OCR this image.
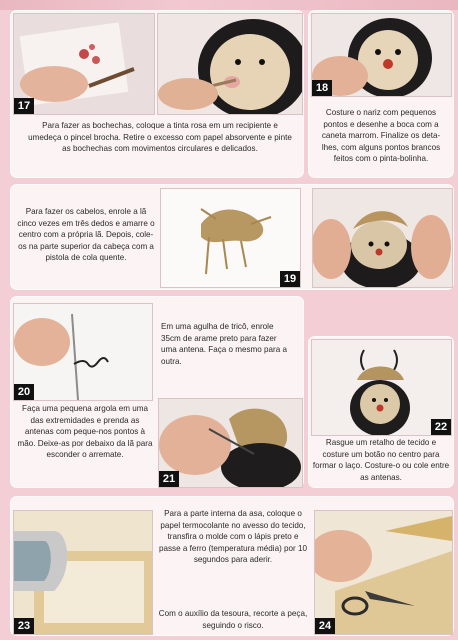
17
Para fazer as bochechas, coloque a tinta rosa em um recipiente e umedeça o pincel brocha. Retire o excesso com papel absorvente e pinte as bochechas com movimentos circulares e delicados.
18
Costure o nariz com pequenos pontos e desenhe a boca com a caneta marrom. Finalize os deta-lhes, com alguns pontos brancos feitos com o pinta-bolinha.
Para fazer os cabelos, enrole a lã cinco vezes em três dedos e amarre o centro com a própria lã. Depois, cole-os na parte superior da cabeça com a pistola de cola quente.
19
20
Em uma agulha de tricô, enrole 35cm de arame preto para fazer uma antena. Faça o mesmo para a outra.
Faça uma pequena argola em uma das extremidades e prenda as antenas com peque-nos pontos à mão. Deixe-as por debaixo da lã para esconder o arremate.
21
22
Rasgue um retalho de tecido e costure um botão no centro para formar o laço. Costure-o ou cole entre as antenas.
23
Para a parte interna da asa, coloque o papel termocolante no avesso do tecido, transfira o molde com o lápis preto e passe a ferro (temperatura média) por 10 segundos para aderir.
Com o auxílio da tesoura, recorte a peça, seguindo o risco.	24
